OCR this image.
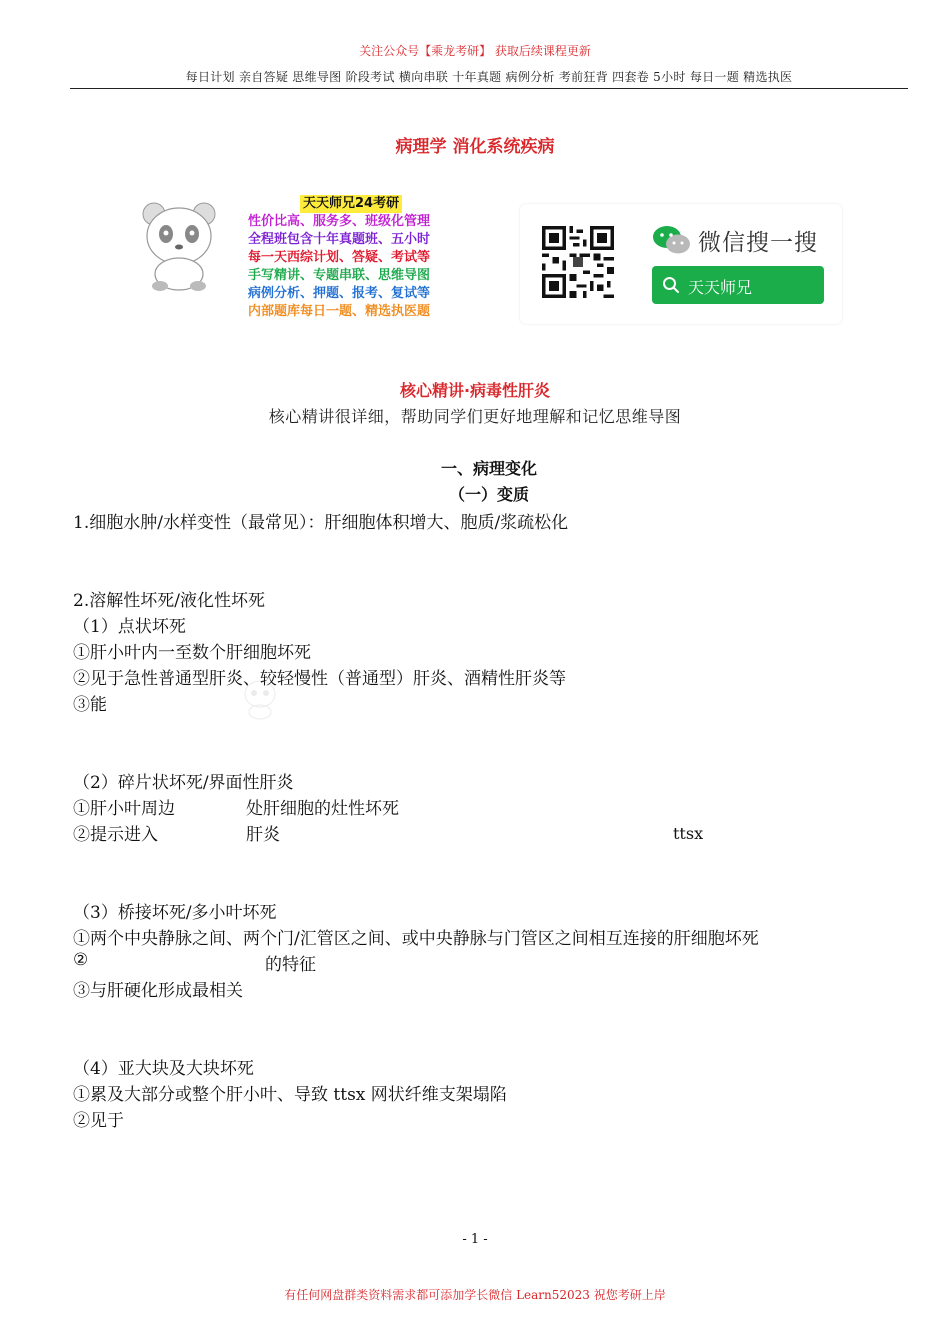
关注公众号【乘龙考研】 获取后续课程更新
每日计划 亲自答疑 思维导图 阶段考试 横向串联 十年真题 病例分析 考前狂背 四套卷 5小时 每日一题 精选执医
病理学 消化系统疾病
天天师兄24考研
性价比高、服务多、班级化管理
全程班包含十年真题班、五小时
每一天西综计划、答疑、考试等
手写精讲、专题串联、思维导图
病例分析、押题、报考、复试等
内部题库每日一题、精选执医题
微信搜一搜
天天师兄
核心精讲·病毒性肝炎
核心精讲很详细，帮助同学们更好地理解和记忆思维导图
一、病理变化
（一）变质
1.细胞水肿/水样变性（最常见）：肝细胞体积增大、胞质/浆疏松化
2.溶解性坏死/液化性坏死
（1）点状坏死
①肝小叶内一至数个肝细胞坏死
②见于急性普通型肝炎、较轻慢性（普通型）肝炎、酒精性肝炎等
③能
（2）碎片状坏死/界面性肝炎
①肝小叶周边	处肝细胞的灶性坏死
②提示进入	肝炎	ttsx
（3）桥接坏死/多小叶坏死
①两个中央静脉之间、两个门/汇管区之间、或中央静脉与门管区之间相互连接的肝细胞坏死
②	的特征
③与肝硬化形成最相关
（4）亚大块及大块坏死
①累及大部分或整个肝小叶、导致 ttsx 网状纤维支架塌陷
②见于
- 1 -
有任何网盘群类资料需求都可添加学长微信 Learn52023 祝您考研上岸
